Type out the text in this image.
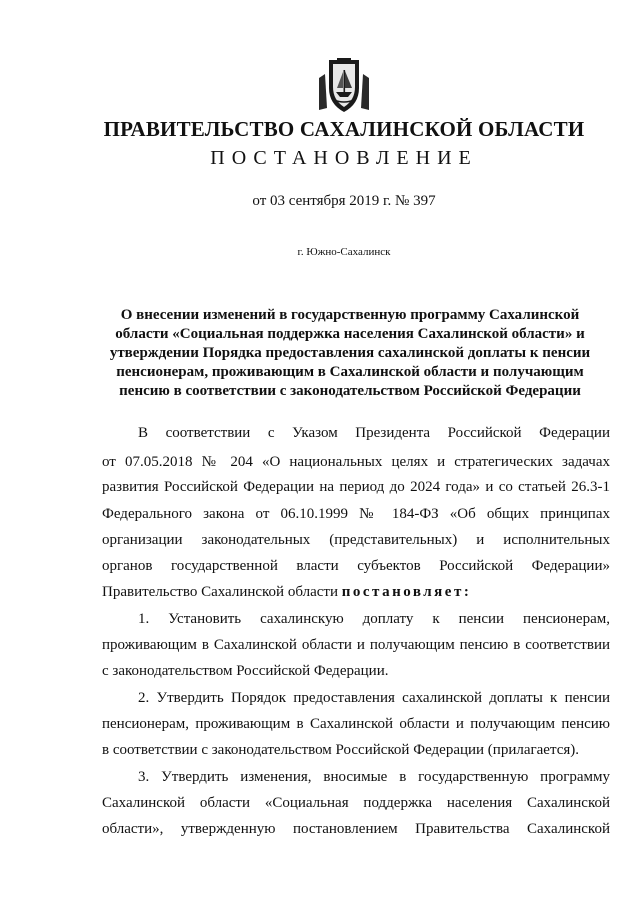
ПРАВИТЕЛЬСТВО САХАЛИНСКОЙ ОБЛАСТИ
ПОСТАНОВЛЕНИЕ
от 03 сентября 2019 г. № 397
г. Южно-Сахалинск
О внесении изменений в государственную программу Сахалинской области «Социальная поддержка населения Сахалинской области» и утверждении Порядка предоставления сахалинской доплаты к пенсии пенсионерам, проживающим в Сахалинской области и получающим пенсию в соответствии с законодательством Российской Федерации
В соответствии с Указом Президента Российской Федерации
от 07.05.2018 № 204 «О национальных целях и стратегических задачах
развития Российской Федерации на период до 2024 года» и со статьей 26.3-1
Федерального закона от 06.10.1999 № 184-ФЗ «Об общих принципах
организации законодательных (представительных) и исполнительных
органов государственной власти субъектов Российской Федерации»
Правительство Сахалинской области постановляет:
1. Установить сахалинскую доплату к пенсии пенсионерам,
проживающим в Сахалинской области и получающим пенсию в соответствии
с законодательством Российской Федерации.
2. Утвердить Порядок предоставления сахалинской доплаты к пенсии
пенсионерам, проживающим в Сахалинской области и получающим пенсию
в соответствии с законодательством Российской Федерации (прилагается).
3. Утвердить изменения, вносимые в государственную программу
Сахалинской области «Социальная поддержка населения Сахалинской
области», утвержденную постановлением Правительства Сахалинской
